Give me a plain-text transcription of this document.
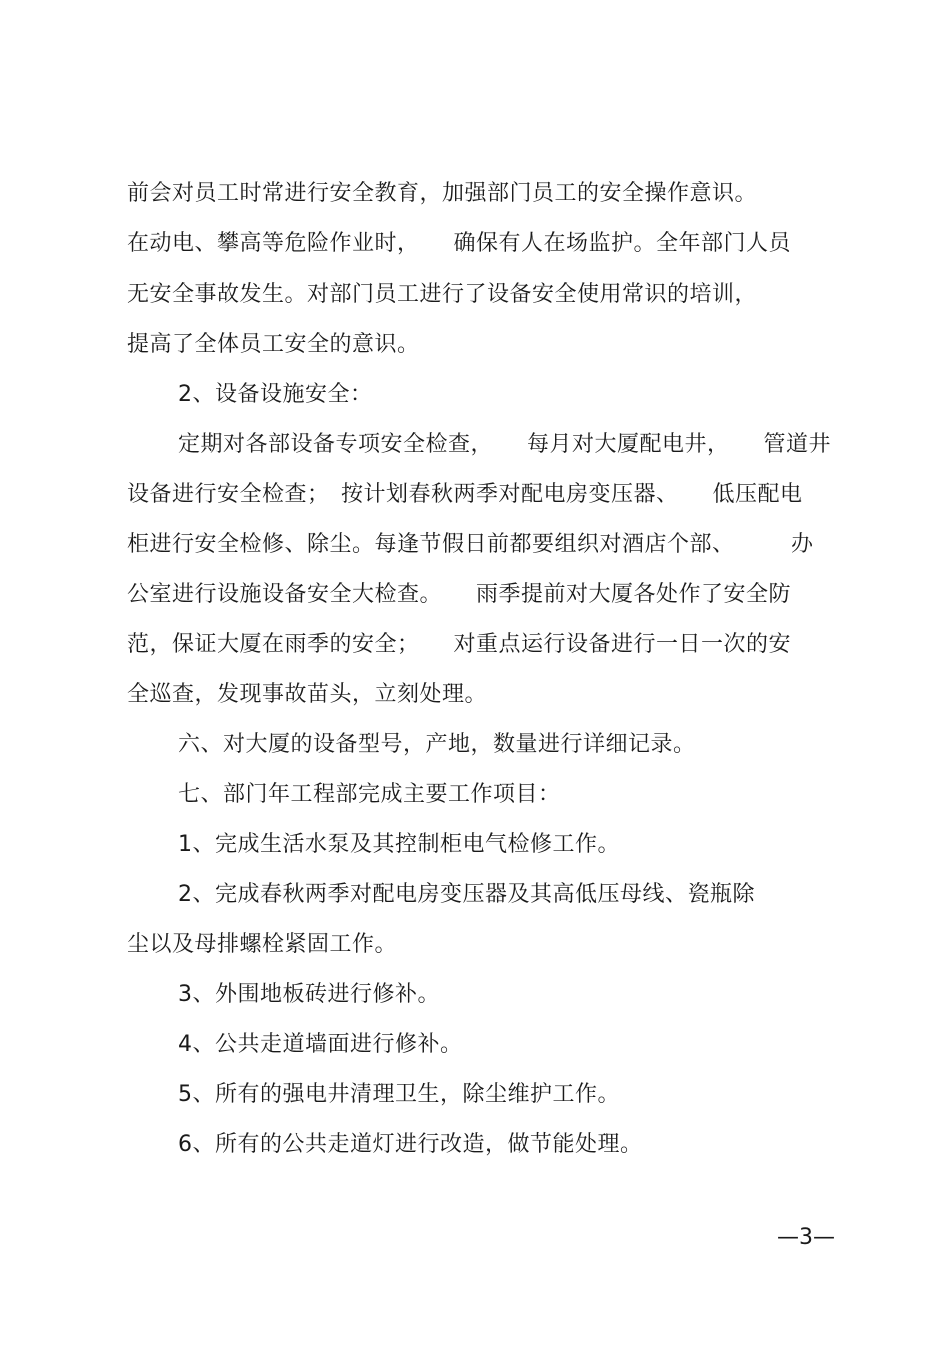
前会对员工时常进行安全教育，加强部门员工的安全操作意识。
在动电、攀高等危险作业时，　　确保有人在场监护。全年部门人员
无安全事故发生。对部门员工进行了设备安全使用常识的培训，
提高了全体员工安全的意识。
2、设备设施安全：
定期对各部设备专项安全检查，　　每月对大厦配电井，　　管道井
设备进行安全检查；　按计划春秋两季对配电房变压器、　　低压配电
柜进行安全检修、除尘。每逢节假日前都要组织对酒店个部、　　　办
公室进行设施设备安全大检查。　　雨季提前对大厦各处作了安全防
范，保证大厦在雨季的安全；　　对重点运行设备进行一日一次的安
全巡查，发现事故苗头，立刻处理。
六、对大厦的设备型号，产地，数量进行详细记录。
七、部门年工程部完成主要工作项目：
1、完成生活水泵及其控制柜电气检修工作。
2、完成春秋两季对配电房变压器及其高低压母线、瓷瓶除
尘以及母排螺栓紧固工作。
3、外围地板砖进行修补。
4、公共走道墙面进行修补。
5、所有的强电井清理卫生，除尘维护工作。
6、所有的公共走道灯进行改造，做节能处理。
—3—
